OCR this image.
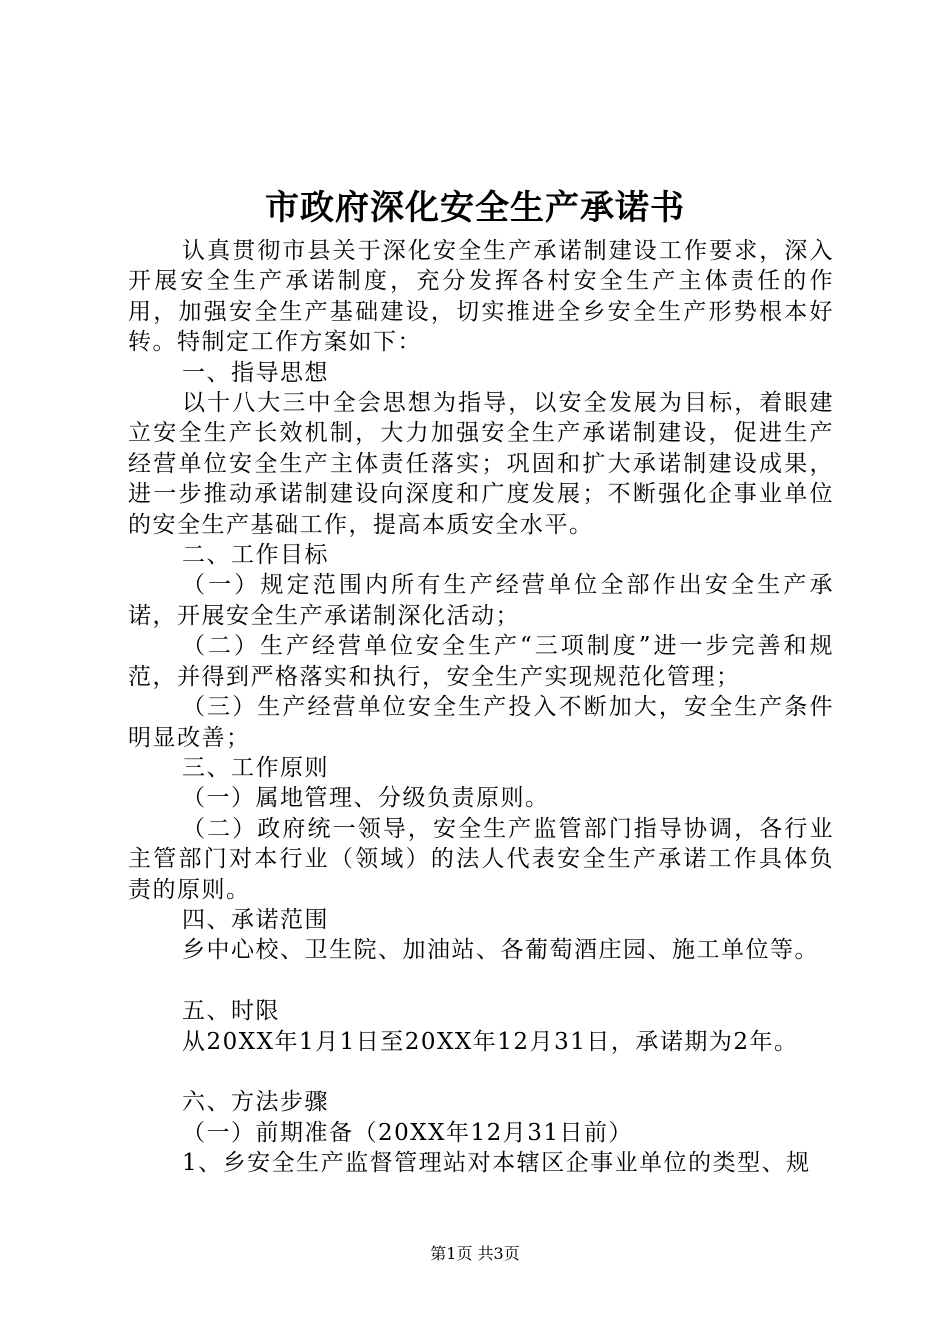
市政府深化安全生产承诺书

认真贯彻市县关于深化安全生产承诺制建设工作要求，深入开展安全生产承诺制度，充分发挥各村安全生产主体责任的作用，加强安全生产基础建设，切实推进全乡安全生产形势根本好转。特制定工作方案如下：

一、指导思想

以十八大三中全会思想为指导，以安全发展为目标，着眼建立安全生产长效机制，大力加强安全生产承诺制建设，促进生产经营单位安全生产主体责任落实；巩固和扩大承诺制建设成果，进一步推动承诺制建设向深度和广度发展；不断强化企事业单位的安全生产基础工作，提高本质安全水平。

二、工作目标

（一）规定范围内所有生产经营单位全部作出安全生产承诺，开展安全生产承诺制深化活动；

（二）生产经营单位安全生产“三项制度”进一步完善和规范，并得到严格落实和执行，安全生产实现规范化管理；

（三）生产经营单位安全生产投入不断加大，安全生产条件明显改善；

三、工作原则

（一）属地管理、分级负责原则。

（二）政府统一领导，安全生产监管部门指导协调，各行业主管部门对本行业（领域）的法人代表安全生产承诺工作具体负责的原则。

四、承诺范围

乡中心校、卫生院、加油站、各葡萄酒庄园、施工单位等。

五、时限

从20XX年1月1日至20XX年12月31日，承诺期为2年。

六、方法步骤

（一）前期准备（20XX年12月31日前）

1、乡安全生产监督管理站对本辖区企事业单位的类型、规

第1页 共3页
